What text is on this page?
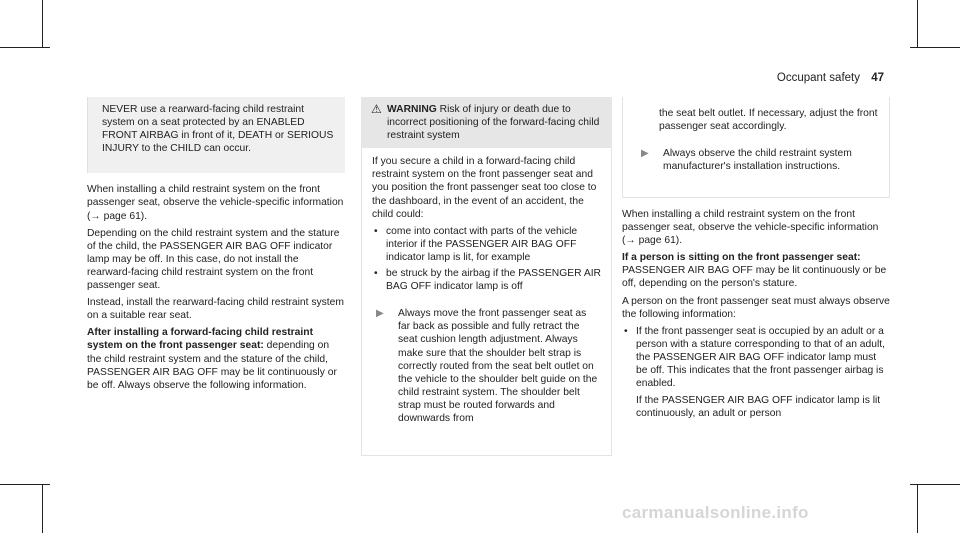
Occupant safety 47
NEVER use a rearward-facing child restraint system on a seat protected by an ENABLED FRONT AIRBAG in front of it, DEATH or SERIOUS INJURY to the CHILD can occur.

When installing a child restraint system on the front passenger seat, observe the vehicle-specific information (→ page 61).

Depending on the child restraint system and the stature of the child, the PASSENGER AIR BAG OFF indicator lamp may be off. In this case, do not install the rearward-facing child restraint system on the front passenger seat.

Instead, install the rearward-facing child restraint system on a suitable rear seat.

After installing a forward-facing child restraint system on the front passenger seat: depending on the child restraint system and the stature of the child, PASSENGER AIR BAG OFF may be lit continuously or be off. Always observe the following information.

⚠ WARNING Risk of injury or death due to incorrect positioning of the forward-facing child restraint system

If you secure a child in a forward-facing child restraint system on the front passenger seat and you position the front passenger seat too close to the dashboard, in the event of an accident, the child could:

• come into contact with parts of the vehicle interior if the PASSENGER AIR BAG OFF indicator lamp is lit, for example
• be struck by the airbag if the PASSENGER AIR BAG OFF indicator lamp is off
▶	Always move the front passenger seat as far back as possible and fully retract the seat cushion length adjustment. Always make sure that the shoulder belt strap is correctly routed from the seat belt outlet on the vehicle to the shoulder belt guide on the child restraint system. The shoulder belt strap must be routed forwards and downwards from
the seat belt outlet. If necessary, adjust the front passenger seat accordingly.
▶	Always observe the child restraint system manufacturer's installation instructions.

When installing a child restraint system on the front passenger seat, observe the vehicle-specific information (→ page 61).

If a person is sitting on the front passenger seat: PASSENGER AIR BAG OFF may be lit continuously or be off, depending on the person's stature.

A person on the front passenger seat must always observe the following information:

• If the front passenger seat is occupied by an adult or a person with a stature corresponding to that of an adult, the PASSENGER AIR BAG OFF indicator lamp must be off. This indicates that the front passenger airbag is enabled.

If the PASSENGER AIR BAG OFF indicator lamp is lit continuously, an adult or person

carmanualsonline.info
